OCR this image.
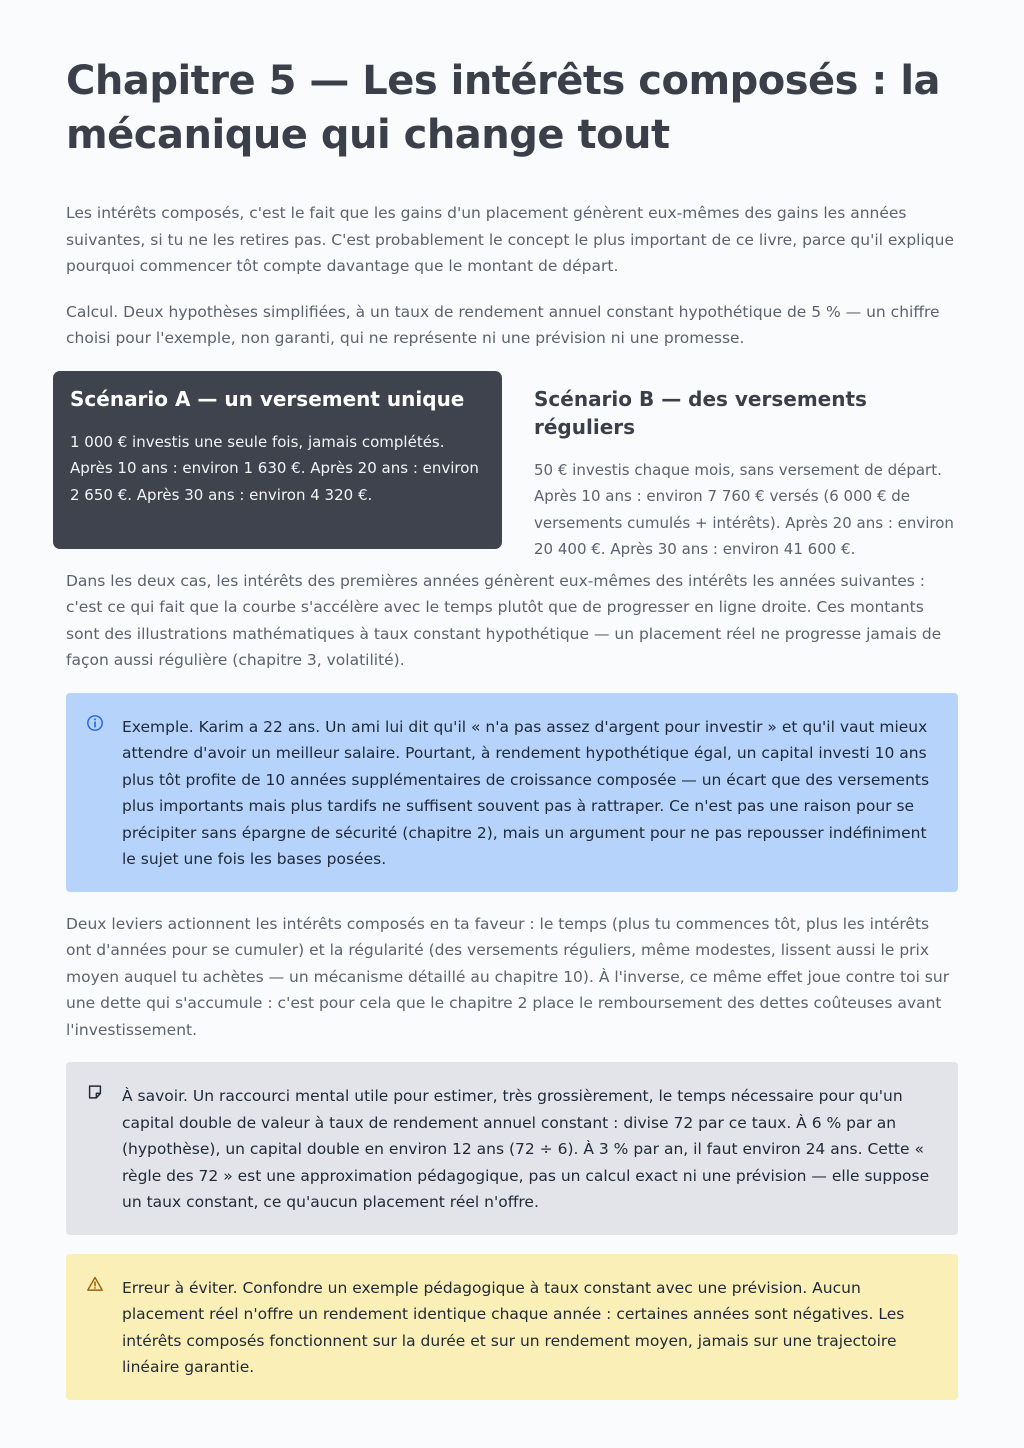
Chapitre 5 — Les intérêts composés : la mécanique qui change tout

Les intérêts composés, c'est le fait que les gains d'un placement génèrent eux-mêmes des gains les années suivantes, si tu ne les retires pas. C'est probablement le concept le plus important de ce livre, parce qu'il explique pourquoi commencer tôt compte davantage que le montant de départ.

Calcul. Deux hypothèses simplifiées, à un taux de rendement annuel constant hypothétique de 5 % — un chiffre choisi pour l'exemple, non garanti, qui ne représente ni une prévision ni une promesse.

Scénario A — un versement unique

1 000 € investis une seule fois, jamais complétés. Après 10 ans : environ 1 630 €. Après 20 ans : environ 2 650 €. Après 30 ans : environ 4 320 €.

Scénario B — des versements réguliers

50 € investis chaque mois, sans versement de départ. Après 10 ans : environ 7 760 € versés (6 000 € de versements cumulés + intérêts). Après 20 ans : environ 20 400 €. Après 30 ans : environ 41 600 €.

Dans les deux cas, les intérêts des premières années génèrent eux-mêmes des intérêts les années suivantes : c'est ce qui fait que la courbe s'accélère avec le temps plutôt que de progresser en ligne droite. Ces montants sont des illustrations mathématiques à taux constant hypothétique — un placement réel ne progresse jamais de façon aussi régulière (chapitre 3, volatilité).

Exemple. Karim a 22 ans. Un ami lui dit qu'il « n'a pas assez d'argent pour investir » et qu'il vaut mieux attendre d'avoir un meilleur salaire. Pourtant, à rendement hypothétique égal, un capital investi 10 ans plus tôt profite de 10 années supplémentaires de croissance composée — un écart que des versements plus importants mais plus tardifs ne suffisent souvent pas à rattraper. Ce n'est pas une raison pour se précipiter sans épargne de sécurité (chapitre 2), mais un argument pour ne pas repousser indéfiniment le sujet une fois les bases posées.

Deux leviers actionnent les intérêts composés en ta faveur : le temps (plus tu commences tôt, plus les intérêts ont d'années pour se cumuler) et la régularité (des versements réguliers, même modestes, lissent aussi le prix moyen auquel tu achètes — un mécanisme détaillé au chapitre 10). À l'inverse, ce même effet joue contre toi sur une dette qui s'accumule : c'est pour cela que le chapitre 2 place le remboursement des dettes coûteuses avant l'investissement.

À savoir. Un raccourci mental utile pour estimer, très grossièrement, le temps nécessaire pour qu'un capital double de valeur à taux de rendement annuel constant : divise 72 par ce taux. À 6 % par an (hypothèse), un capital double en environ 12 ans (72 ÷ 6). À 3 % par an, il faut environ 24 ans. Cette « règle des 72 » est une approximation pédagogique, pas un calcul exact ni une prévision — elle suppose un taux constant, ce qu'aucun placement réel n'offre.
Erreur à éviter. Confondre un exemple pédagogique à taux constant avec une prévision. Aucun placement réel n'offre un rendement identique chaque année : certaines années sont négatives. Les intérêts composés fonctionnent sur la durée et sur un rendement moyen, jamais sur une trajectoire linéaire garantie.
